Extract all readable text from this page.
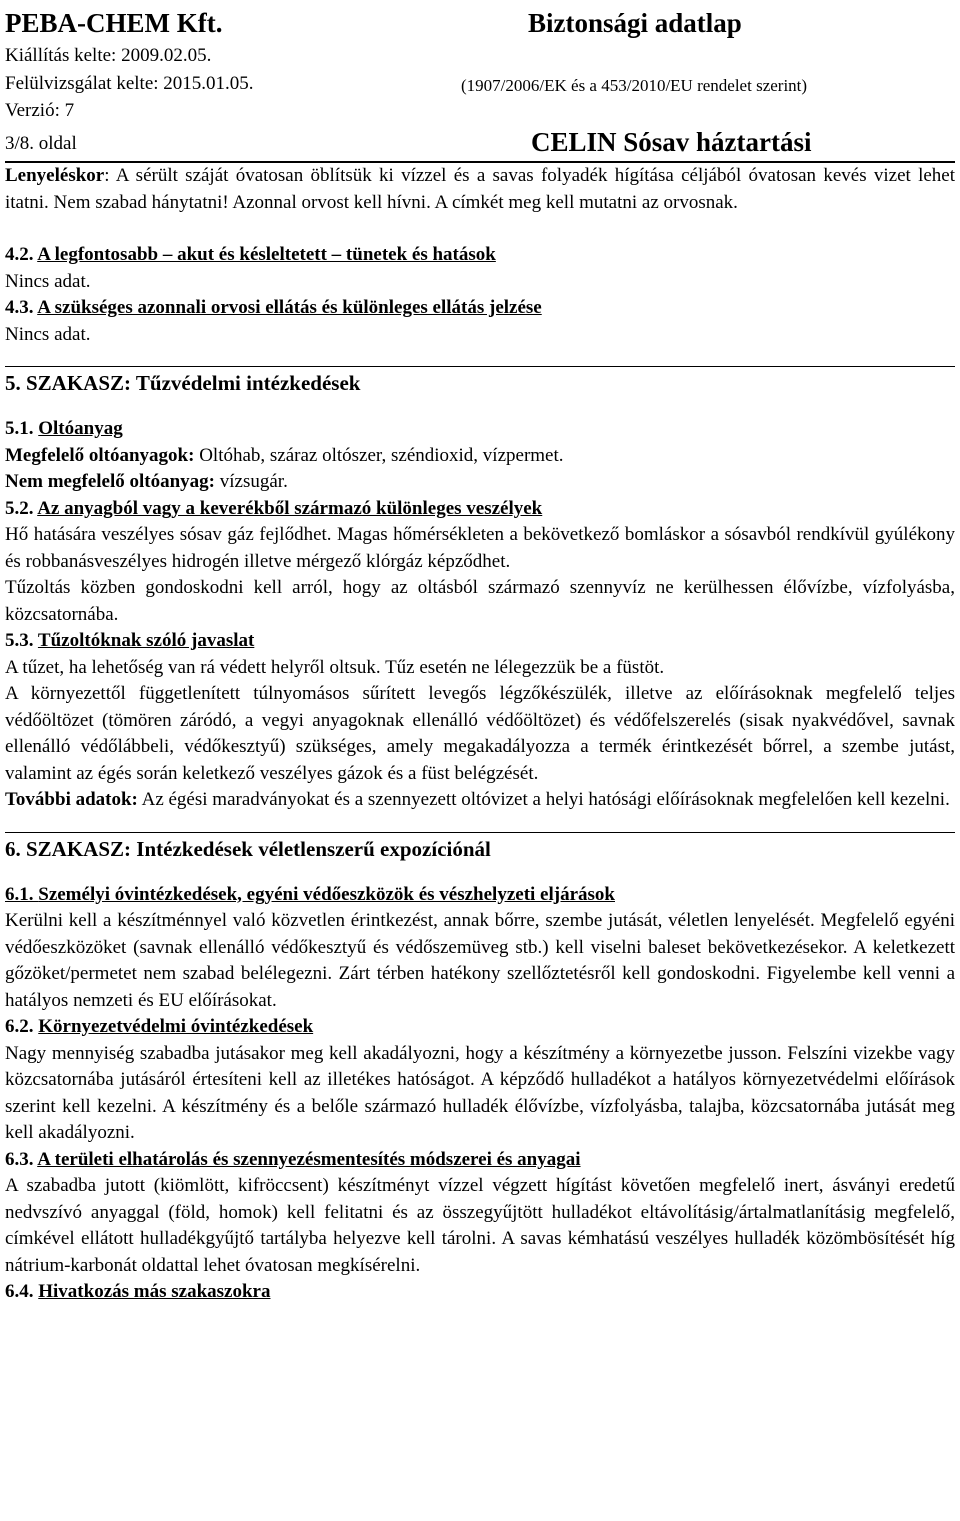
PEBA-CHEM Kft.	Biztonsági adatlap
Kiállítás kelte: 2009.02.05.
Felülvizsgálat kelte: 2015.01.05.	(1907/2006/EK és a 453/2010/EU rendelet szerint)
Verzió: 7
3/8. oldal	CELIN Sósav háztartási

Lenyeléskor: A sérült száját óvatosan öblítsük ki vízzel és a savas folyadék hígítása céljából óvatosan kevés vizet lehet itatni. Nem szabad hánytatni! Azonnal orvost kell hívni. A címkét meg kell mutatni az orvosnak.

4.2. A legfontosabb – akut és késleltetett – tünetek és hatások

Nincs adat.

4.3. A szükséges azonnali orvosi ellátás és különleges ellátás jelzése

Nincs adat.

5. SZAKASZ: Tűzvédelmi intézkedések

5.1. Oltóanyag

Megfelelő oltóanyagok: Oltóhab, száraz oltószer, széndioxid, vízpermet.

Nem megfelelő oltóanyag: vízsugár.

5.2. Az anyagból vagy a keverékből származó különleges veszélyek

Hő hatására veszélyes sósav gáz fejlődhet. Magas hőmérsékleten a bekövetkező bomláskor a sósavból rendkívül gyúlékony és robbanásveszélyes hidrogén illetve mérgező klórgáz képződhet.

Tűzoltás közben gondoskodni kell arról, hogy az oltásból származó szennyvíz ne kerülhessen élővízbe, vízfolyásba, közcsatornába.

5.3. Tűzoltóknak szóló javaslat

A tűzet, ha lehetőség van rá védett helyről oltsuk. Tűz esetén ne lélegezzük be a füstöt.

A környezettől függetlenített túlnyomásos sűrített levegős légzőkészülék, illetve az előírásoknak megfelelő teljes védőöltözet (tömören záródó, a vegyi anyagoknak ellenálló védőöltözet) és védőfelszerelés (sisak nyakvédővel, savnak ellenálló védőlábbeli, védőkesztyű) szükséges, amely megakadályozza a termék érintkezését bőrrel, a szembe jutást, valamint az égés során keletkező veszélyes gázok és a füst belégzését.

További adatok: Az égési maradványokat és a szennyezett oltóvizet a helyi hatósági előírásoknak megfelelően kell kezelni.

6. SZAKASZ: Intézkedések véletlenszerű expozíciónál

6.1. Személyi óvintézkedések, egyéni védőeszközök és vészhelyzeti eljárások

Kerülni kell a készítménnyel való közvetlen érintkezést, annak bőrre, szembe jutását, véletlen lenyelését. Megfelelő egyéni védőeszközöket (savnak ellenálló védőkesztyű és védőszemüveg stb.) kell viselni baleset bekövetkezésekor. A keletkezett gőzöket/permetet nem szabad belélegezni. Zárt térben hatékony szellőztetésről kell gondoskodni. Figyelembe kell venni a hatályos nemzeti és EU előírásokat.

6.2. Környezetvédelmi óvintézkedések

Nagy mennyiség szabadba jutásakor meg kell akadályozni, hogy a készítmény a környezetbe jusson. Felszíni vizekbe vagy közcsatornába jutásáról értesíteni kell az illetékes hatóságot. A képződő hulladékot a hatályos környezetvédelmi előírások szerint kell kezelni. A készítmény és a belőle származó hulladék élővízbe, vízfolyásba, talajba, közcsatornába jutását meg kell akadályozni.

6.3. A területi elhatárolás és szennyezésmentesítés módszerei és anyagai

A szabadba jutott (kiömlött, kifröccsent) készítményt vízzel végzett hígítást követően megfelelő inert, ásványi eredetű nedvszívó anyaggal (föld, homok) kell felitatni és az összegyűjtött hulladékot eltávolításig/ártalmatlanításig megfelelő, címkével ellátott hulladékgyűjtő tartályba helyezve kell tárolni. A savas kémhatású veszélyes hulladék közömbösítését híg nátrium-karbonát oldattal lehet óvatosan megkísérelni.

6.4. Hivatkozás más szakaszokra
